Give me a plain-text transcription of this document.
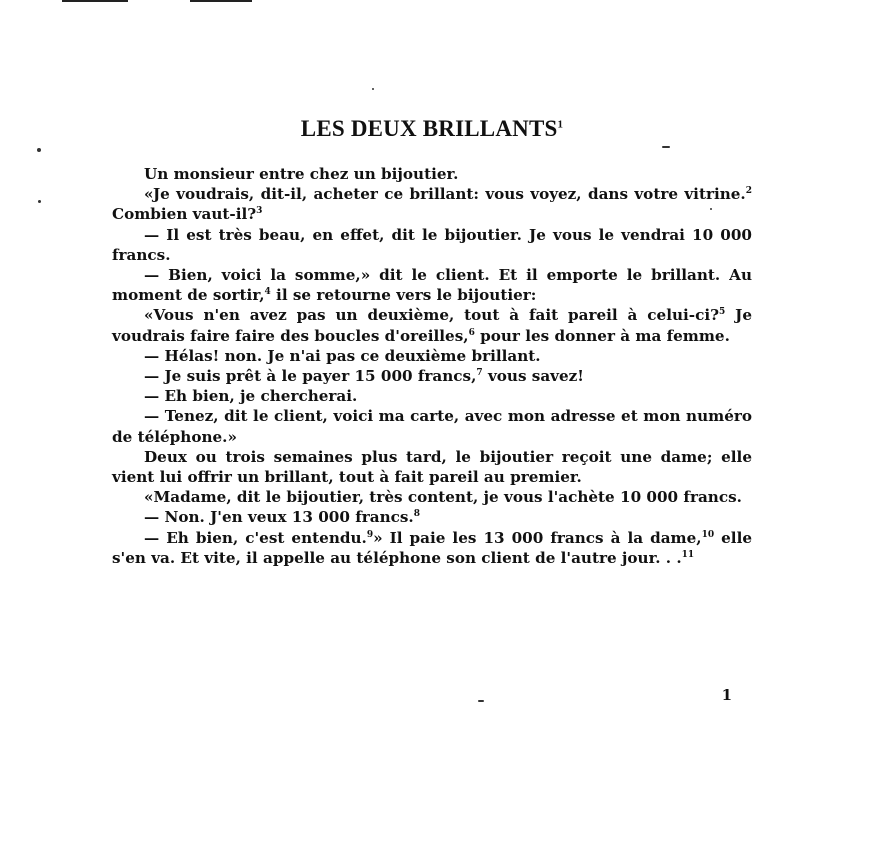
LES DEUX BRILLANTS$^1$

Un monsieur entre chez un bijoutier.

«Je voudrais, dit-il, acheter ce brillant: vous voyez, dans votre vitrine.$^2$ Combien vaut-il?$^3$

— Il est très beau, en effet, dit le bijoutier. Je vous le vendrai 10 000 francs.

— Bien, voici la somme,» dit le client. Et il emporte le brillant. Au moment de sortir,$^4$ il se retourne vers le bijoutier:

«Vous n'en avez pas un deuxième, tout à fait pareil à celui-ci?$^5$ Je voudrais faire faire des boucles d'oreilles,$^6$ pour les donner à ma femme.

— Hélas! non. Je n'ai pas ce deuxième brillant.

— Je suis prêt à le payer 15 000 francs,$^7$ vous savez!

— Eh bien, je chercherai.

— Tenez, dit le client, voici ma carte, avec mon adresse et mon numéro de téléphone.»

Deux ou trois semaines plus tard, le bijoutier reçoit une dame; elle vient lui offrir un brillant, tout à fait pareil au premier.

«Madame, dit le bijoutier, très content, je vous l'achète 10 000 francs.

— Non. J'en veux 13 000 francs.$^8$

— Eh bien, c'est entendu.$^9$» Il paie les 13 000 francs à la dame,$^{10}$ elle s'en va. Et vite, il appelle au téléphone son client de l'autre jour. . .$^{11}$

1
